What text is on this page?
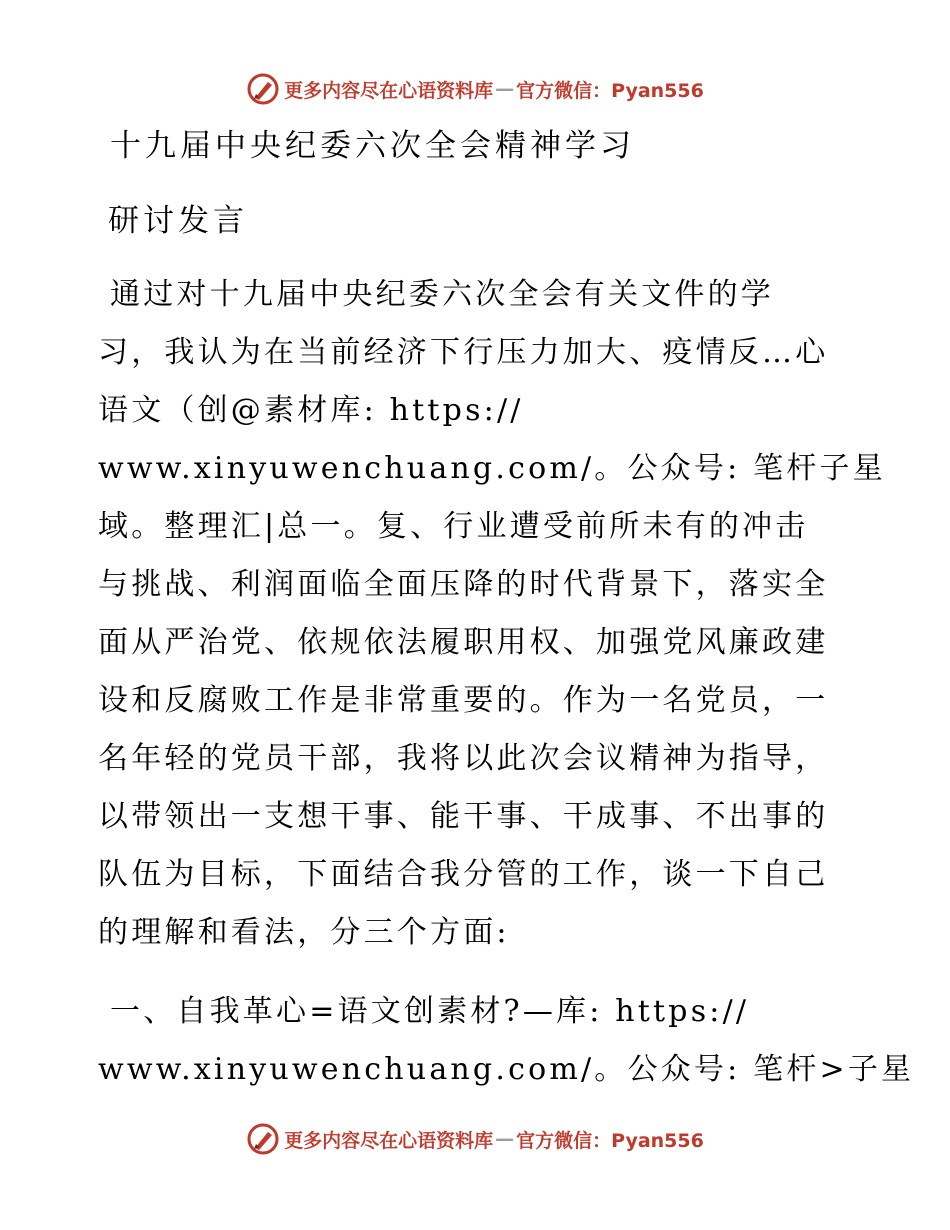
更多内容尽在心语资料库 — 官方微信：Pyan556
十九届中央纪委六次全会精神学习
研讨发言
通过对十九届中央纪委六次全会有关文件的学
习，我认为在当前经济下行压力加大、疫情反…心
语文（创@素材库: https://
www.xinyuwenchuang.com/。公众号: 笔杆子星
域。整理汇|总一。复、行业遭受前所未有的冲击
与挑战、利润面临全面压降的时代背景下，落实全
面从严治党、依规依法履职用权、加强党风廉政建
设和反腐败工作是非常重要的。作为一名党员，一
名年轻的党员干部，我将以此次会议精神为指导，
以带领出一支想干事、能干事、干成事、不出事的
队伍为目标，下面结合我分管的工作，谈一下自己
的理解和看法，分三个方面:
一、自我革心=语文创素材?—库: https://
www.xinyuwenchuang.com/。公众号: 笔杆>子星
更多内容尽在心语资料库 — 官方微信：Pyan556
